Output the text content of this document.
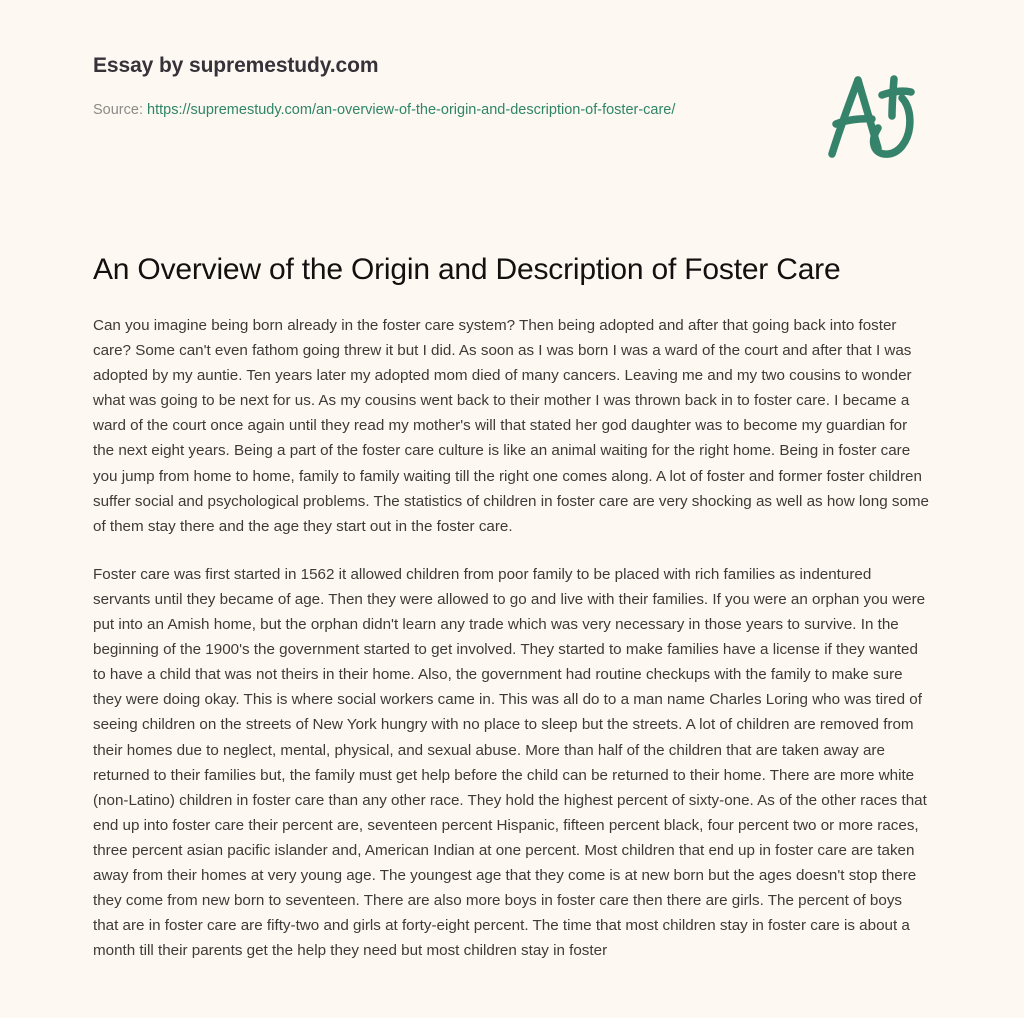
Essay by supremestudy.com

Source: https://supremestudy.com/an-overview-of-the-origin-and-description-of-foster-care/

An Overview of the Origin and Description of Foster Care

Can you imagine being born already in the foster care system? Then being adopted and after that going back into foster care? Some can't even fathom going threw it but I did. As soon as I was born I was a ward of the court and after that I was adopted by my auntie. Ten years later my adopted mom died of many cancers. Leaving me and my two cousins to wonder what was going to be next for us. As my cousins went back to their mother I was thrown back in to foster care. I became a ward of the court once again until they read my mother's will that stated her god daughter was to become my guardian for the next eight years. Being a part of the foster care culture is like an animal waiting for the right home. Being in foster care you jump from home to home, family to family waiting till the right one comes along. A lot of foster and former foster children suffer social and psychological problems. The statistics of children in foster care are very shocking as well as how long some of them stay there and the age they start out in the foster care.

Foster care was first started in 1562 it allowed children from poor family to be placed with rich families as indentured servants until they became of age. Then they were allowed to go and live with their families. If you were an orphan you were put into an Amish home, but the orphan didn't learn any trade which was very necessary in those years to survive. In the beginning of the 1900's the government started to get involved. They started to make families have a license if they wanted to have a child that was not theirs in their home. Also, the government had routine checkups with the family to make sure they were doing okay. This is where social workers came in. This was all do to a man name Charles Loring who was tired of seeing children on the streets of New York hungry with no place to sleep but the streets. A lot of children are removed from their homes due to neglect, mental, physical, and sexual abuse. More than half of the children that are taken away are returned to their families but, the family must get help before the child can be returned to their home. There are more white (non-Latino) children in foster care than any other race. They hold the highest percent of sixty-one. As of the other races that end up into foster care their percent are, seventeen percent Hispanic, fifteen percent black, four percent two or more races, three percent asian pacific islander and, American Indian at one percent. Most children that end up in foster care are taken away from their homes at very young age. The youngest age that they come is at new born but the ages doesn't stop there they come from new born to seventeen. There are also more boys in foster care then there are girls. The percent of boys that are in foster care are fifty-two and girls at forty-eight percent. The time that most children stay in foster care is about a month till their parents get the help they need but most children stay in foster
